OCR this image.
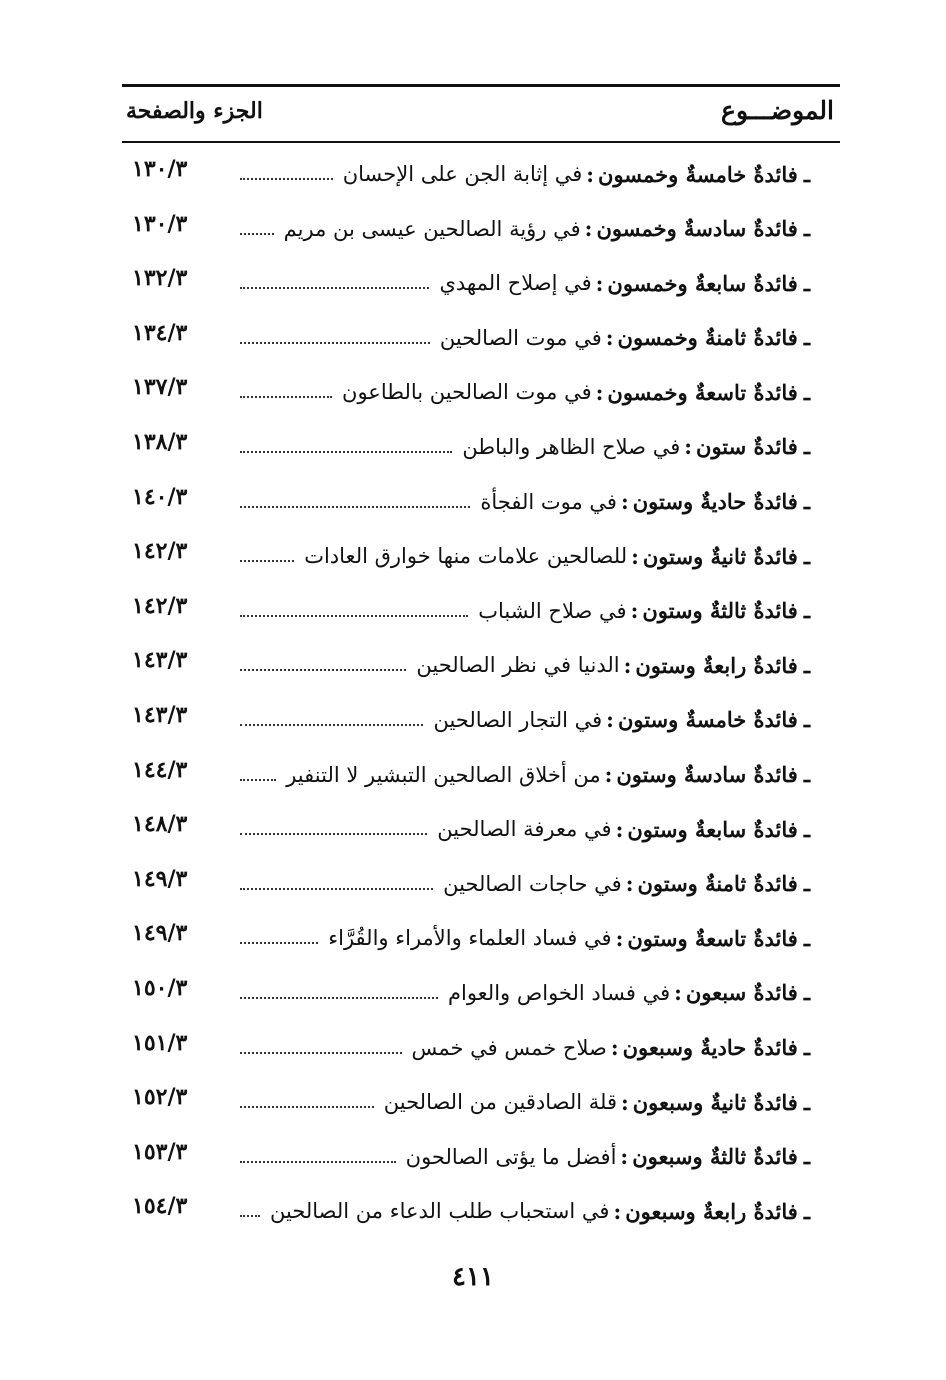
الموضـــوع
الجزء والصفحة
ـ
فائدةٌ خامسةٌ وخمسون
:
في إثابة الجن على الإحسان
١٣٠/٣
ـ
فائدةٌ سادسةٌ وخمسون
:
في رؤية الصالحين عيسى بن مريم
١٣٠/٣
ـ
فائدةٌ سابعةٌ وخمسون
:
في إصلاح المهدي
١٣٢/٣
ـ
فائدةٌ ثامنةٌ وخمسون
:
في موت الصالحين
١٣٤/٣
ـ
فائدةٌ تاسعةٌ وخمسون
:
في موت الصالحين بالطاعون
١٣٧/٣
ـ
فائدةٌ ستون
:
في صلاح الظاهر والباطن
١٣٨/٣
ـ
فائدةٌ حاديةٌ وستون
:
في موت الفجأة
١٤٠/٣
ـ
فائدةٌ ثانيةٌ وستون
:
للصالحين علامات منها خوارق العادات
١٤٢/٣
ـ
فائدةٌ ثالثةٌ وستون
:
في صلاح الشباب
١٤٢/٣
ـ
فائدةٌ رابعةٌ وستون
:
الدنيا في نظر الصالحين
١٤٣/٣
ـ
فائدةٌ خامسةٌ وستون
:
في التجار الصالحين
١٤٣/٣
ـ
فائدةٌ سادسةٌ وستون
:
من أخلاق الصالحين التبشير لا التنفير
١٤٤/٣
ـ
فائدةٌ سابعةٌ وستون
:
في معرفة الصالحين
١٤٨/٣
ـ
فائدةٌ ثامنةٌ وستون
:
في حاجات الصالحين
١٤٩/٣
ـ
فائدةٌ تاسعةٌ وستون
:
في فساد العلماء والأمراء والقُرَّاء
١٤٩/٣
ـ
فائدةٌ سبعون
:
في فساد الخواص والعوام
١٥٠/٣
ـ
فائدةٌ حاديةٌ وسبعون
:
صلاح خمس في خمس
١٥١/٣
ـ
فائدةٌ ثانيةٌ وسبعون
:
قلة الصادقين من الصالحين
١٥٢/٣
ـ
فائدةٌ ثالثةٌ وسبعون
:
أفضل ما يؤتى الصالحون
١٥٣/٣
ـ
فائدةٌ رابعةٌ وسبعون
:
في استحباب طلب الدعاء من الصالحين
١٥٤/٣
٤١١
